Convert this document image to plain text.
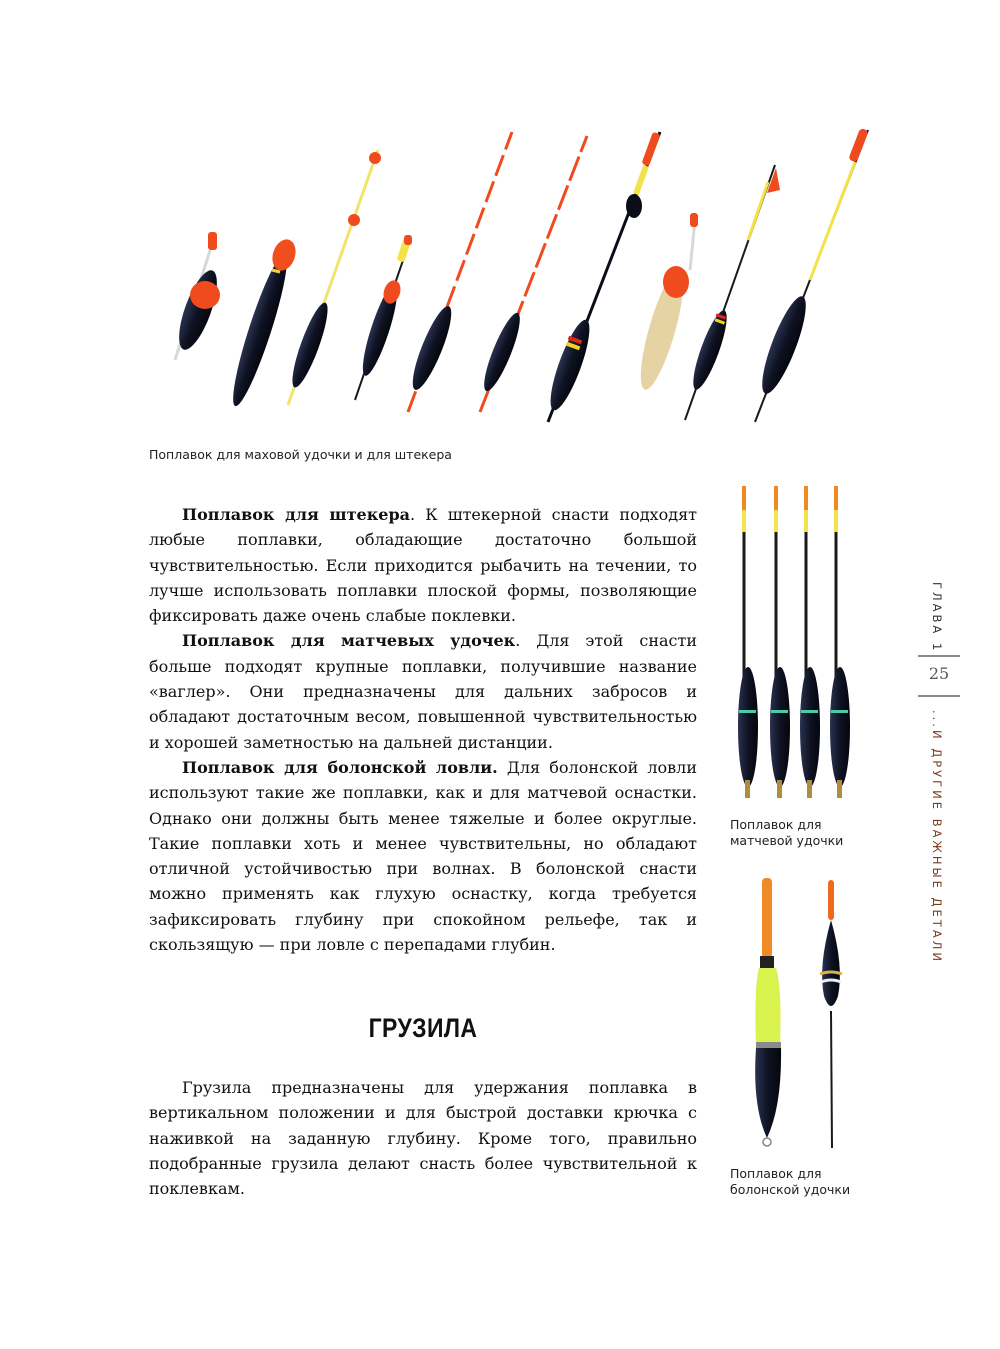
Поплавок для маховой удочки и для штекера

Поплавок для штекера. К штекерной снасти подходят любые поплавки, обладающие достаточно большой чувствительностью. Если приходится рыбачить на течении, то лучше использовать поплавки плоской формы, позволяющие фиксировать даже очень слабые поклевки.

Поплавок для матчевых удочек. Для этой снасти больше подходят крупные поплавки, получившие название «ваглер». Они предназначены для дальних забросов и обладают достаточным весом, повышенной чувствительностью и хорошей заметностью на дальней дистанции.

Поплавок для болонской ловли. Для болонской ловли используют такие же поплавки, как и для матчевой оснастки. Однако они должны быть менее тяжелые и более округлые. Такие поплавки хоть и менее чувствительны, но обладают отличной устойчивостью при волнах. В болонской снасти можно применять как глухую оснастку, когда требуется зафиксировать глубину при спокойном рельефе, так и скользящую — при ловле с перепадами глубин.

ГРУЗИЛА

Грузила предназначены для удержания поплавка в вертикальном положении и для быстрой доставки крючка с наживкой на заданную глубину. Кроме того, правильно подобранные грузила делают снасть более чувствительной к поклевкам.

Поплавок для матчевой удочки
Поплавок для болонской удочки
ГЛАВА 1
25
...И ДРУГИЕ ВАЖНЫЕ ДЕТАЛИ
